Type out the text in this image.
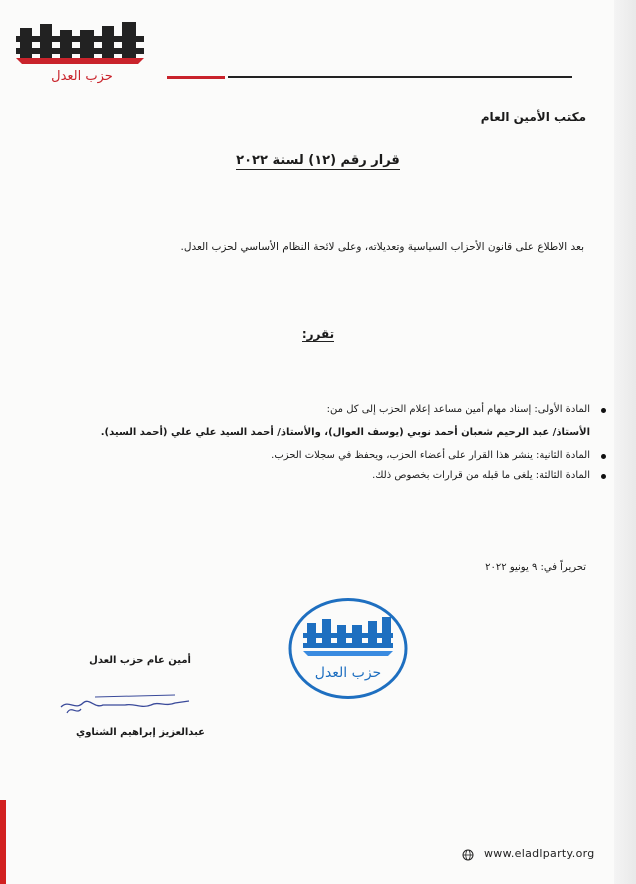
حزب العدل
مكتب الأمين العام
قرار رقم (١٢) لسنة ٢٠٢٢
بعد الاطلاع على قانون الأحزاب السياسية وتعديلاته، وعلى لائحة النظام الأساسي لحزب العدل.
تقرر:
المادة الأولى: إسناد مهام أمين مساعد إعلام الحزب إلى كل من:
الأستاذ/ عبد الرحيم شعبان أحمد نوبي (يوسف العوال)، والأستاذ/ أحمد السيد علي علي (أحمد السيد).
المادة الثانية: ينشر هذا القرار على أعضاء الحزب، ويحفظ في سجلات الحزب.
المادة الثالثة: يلغى ما قبله من قرارات بخصوص ذلك.
تحريراً في: ٩ يونيو ٢٠٢٢
حزب العدل
أمين عام حزب العدل
عبدالعزيز إبراهيم الشناوي
www.eladlparty.org
